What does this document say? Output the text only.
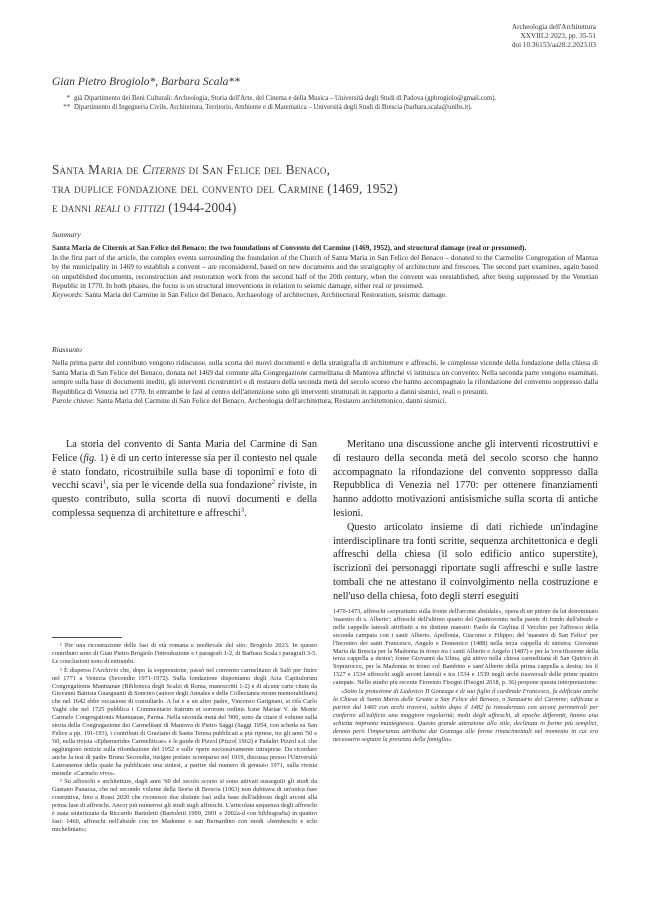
Archeologia dell'Architettura
XXVIII.2 2023, pp. 35-51
doi 10.36153/aa28.2.2023.03
Gian Pietro Brogiolo*, Barbara Scala**
* già Dipartimento dei Beni Culturali: Archeologia, Storia dell'Arte, del Cinema e della Musica – Università degli Studi di Padova (gpbrogiolo@gmail.com).
** Dipartimento di Ingegneria Civile, Architettura, Territorio, Ambiente e di Matematica – Università degli Studi di Brescia (barbara.scala@unibs.it).
Santa Maria de Citernis di San Felice del Benaco,
tra duplice fondazione del convento del Carmine (1469, 1952)
e danni reali o fittizi (1944-2004)
Summary
Santa Maria de Citernis at San Felice del Benaco: the two foundations of Convento del Carmine (1469, 1952), and structural damage (real or presumed).
In the first part of the article, the complex events surrounding the foundation of the Church of Santa Maria in San Felice del Benaco – donated to the Carmelite Congregation of Mantua by the municipality in 1469 to establish a convent – are reconsidered, based on new documents and the stratigraphy of architecture and frescoes. The second part examines, again based on unpublished documents, reconstruction and restoration work from the second half of the 20th century, when the convent was reestablished, after being suppressed by the Venetian Republic in 1770. In both phases, the focus is on structural interventions in relation to seismic damage, either real or presumed.
Keywords: Santa Maria del Carmine in San Felice del Benaco, Archaeology of architecture, Architectural Restoration, seismic damage.
Riassunto
Nella prima parte del contributo vengono ridiscusse, sulla scorta dei nuovi documenti e della stratigrafia di architetture e affreschi, le complesse vicende della fondazione della chiesa di Santa Maria di San Felice del Benaco, donata nel 1469 dal comune alla Congregazione carmelitana di Mantova affinché vi istituisca un convento. Nella seconda parte vengono esaminati, sempre sulla base di documenti inediti, gli interventi ricostruttivi e di restauro della seconda metà del secolo scorso che hanno accompagnato la rifondazione del convento soppresso dalla Repubblica di Venezia nel 1770. In entrambe le fasi al centro dell'attenzione sono gli interventi strutturali in rapporto a danni sismici, reali o presunti.
Parole chiave: Santa Maria del Carmine di San Felice del Benaco, Archeologia dell'architettura, Restauro architettonico, danni sismici.

La storia del convento di Santa Maria del Carmine di San Felice (fig. 1) è di un certo interesse sia per il contesto nel quale è stato fondato, ricostruibile sulla base di toponimi e foto di vecchi scavi$^1$, sia per le vicende della sua fondazione$^2$ riviste, in questo contributo, sulla scorta di nuovi documenti e della complessa sequenza di architetture e affreschi$^3$.

Meritano una discussione anche gli interventi ricostruttivi e di restauro della seconda metà del secolo scorso che hanno accompagnato la rifondazione del convento soppresso dalla Repubblica di Venezia nel 1770: per ottenere finanziamenti hanno addotto motivazioni antisismiche sulla scorta di antiche lesioni.

Questo articolato insieme di dati richiede un'indagine interdisciplinare tra fonti scritte, sequenza architettonica e degli affreschi della chiesa (il solo edificio antico superstite), iscrizioni dei personaggi riportate sugli affreschi e sulle lastre tombali che ne attestano il coinvolgimento nella costruzione e nell'uso della chiesa, foto degli sterri eseguiti

¹ Per una ricostruzione delle fasi di età romana e medievale del sito: Brogiolo 2023. In questo contributo sono di Gian Pietro Brogiolo l'introduzione e i paragrafi 1-2, di Barbara Scala i paragrafi 3-5. Le conclusioni sono di entrambi.

² È disperso l'Archivio che, dopo la soppressione, passò nel convento carmelitano di Salò per finire nel 1771 a Venezia (Secondin 1971-1972). Sulla fondazione disponiamo degli Acta Capitulorum Congregationis Mantuanae (Biblioteca degli Scalzi di Roma, manoscritti 1-2) e di alcune carte citate da Giovanni Battista Guarguanti di Soncino (autore degli Annales e delle Collectanea rerum memorabilium) che nel 1642 ebbe occasione di consultarlo. A lui e a un altro padre, Vincenzo Garignani, si rifà Carlo Vaghi che nel 1725 pubblica i Commentario fratrum et sororum ordinis b.me Mariae V. de Monte Carmelo Congregationis Mantuanae, Parma. Nella seconda metà del '900, sono da citare il volume sulla storia della Congregazione dei Carmelitani di Mantova di Pietro Saggi (Saggi 1954, con scheda su San Felice a pp. 191-193), i contributi di Graziano di Santa Teresa pubblicati a più riprese, tra gli anni '50 e '60, nella rivista «Ephemerides Carmeliticae» e le guide di Pizzol (Pizzol 1962) e Padaltri Pizzol s.d. che aggiungono notizie sulla rifondazione del 1952 e sulle opere successivamente intraprese. Da ricordare anche la tesi di padre Bruno Secondin, insigne prelato scomparso nel 1919, discussa presso l'Università Lateranense della quale ha pubblicato una sintesi, a partire dal numero di gennaio 1971, sulla rivista mensile «Carmelo vivo».

³ Su affreschi e architetture, dagli anni '60 del secolo scorso si sono attivati susseguiti gli studi da Gaetano Panazza, che nel secondo volume della Storia di Brescia (1963) non dubitava di un'unica fase costruttiva, fino a Rossi 2020 che riconosce due distinte fasi sulla base dell'addosso degli arconi alla prima fase di affreschi. Ancor più numerosi gli studi sugli affreschi. L'articolata sequenza degli affreschi è stata sintetizzata da Riccardo Bartoletti (Bartoletti 1999, 2001 e 2002a-d con bibliografia) in quattro fasi: 1460, affreschi nell'abside con tre Madonne e san Bernardino con modi «bembeschi e echi michelinian»;

1470-1473, affreschi «soprattutto sulla fronte dell'arcone absidale», opera di un pittore da lui denominato 'maestro di s. Alberto'; affreschi dell'ultimo quarto del Quattrocento nella parete di fondo dell'abside e nelle cappelle laterali attribuiti a tre distinte maestri: Paolo da Caylina il Vecchio per l'affresco della seconda campata con i santi Alberto, Apollonia, Giacomo e Filippo; del 'maestro di San Felice' per l'Incontro dei santi Francesco, Angelo e Domenico (1488) nella terza cappella di sinistra; Giovanni Maria da Brescia per la Madonna in trono tra i santi Alberto e Angelo (1487) e per la 'crocifissione della terza cappella a destra'; fonse Giovanni da Ulma, già attivo nella chiesa carmelitana di San Quirico di Soprarocco, per la Madonna in trono col Bambino e sant'Alberto della prima cappella a destra; tra il 1527 e 1534 affreschi sugli arconi laterali e tra 1534 e 1539 negli archi trasversali delle prime quattro campate. Nello studio più recente Fiorenzo Fisogni (Fisogni 2018, p. 36) propone questa interpretazione:

«Sotto la protezione di Ludovico II Gonzaga e di suo figlio il cardinale Francesco, fu edificata anche la Chiesa di Santa Maria delle Grazie a San Felice del Benaco, o Santuario del Carmine; edificata a partire dal 1460 con archi traversi, subito dopo il 1482 fu rimodernata con arconi perimetrali per conferire all'edificio una maggiore regolarità; molti degli affreschi, di epoche differenti, hanno una schietta impronta mantegnesca. Questo grande attenzione allo stile, declinata in forme più semplici, denota però l'importanza attribuita dai Gonzaga alle forme rinascimentali nel momento in cui era necessario segnare la presenza della famiglia».
